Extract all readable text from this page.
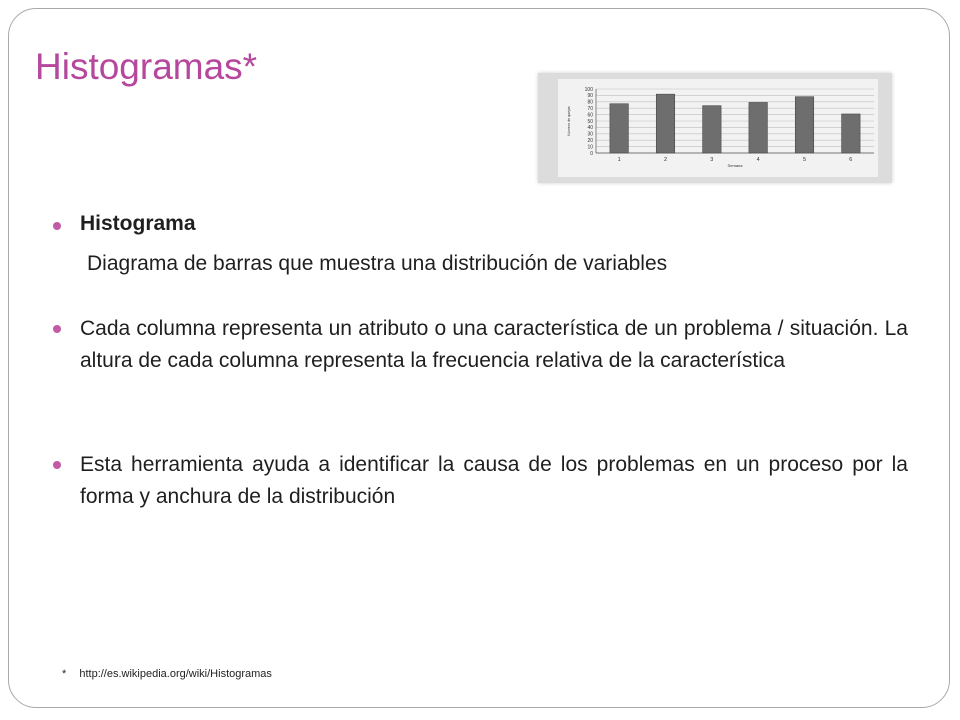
Histogramas*
0
10
20
30
40
50
60
70
80
90
100
1	2	3	4	5	6
Semana
Número de quejas
Histograma
Diagrama de barras que muestra una distribución de variables
Cada columna representa un atributo o una característica de un problema / situación. La altura de cada columna representa la frecuencia relativa de la característica
Esta herramienta ayuda a identificar la causa de los problemas en un proceso por la forma y anchura de la distribución
* http://es.wikipedia.org/wiki/Histogramas
